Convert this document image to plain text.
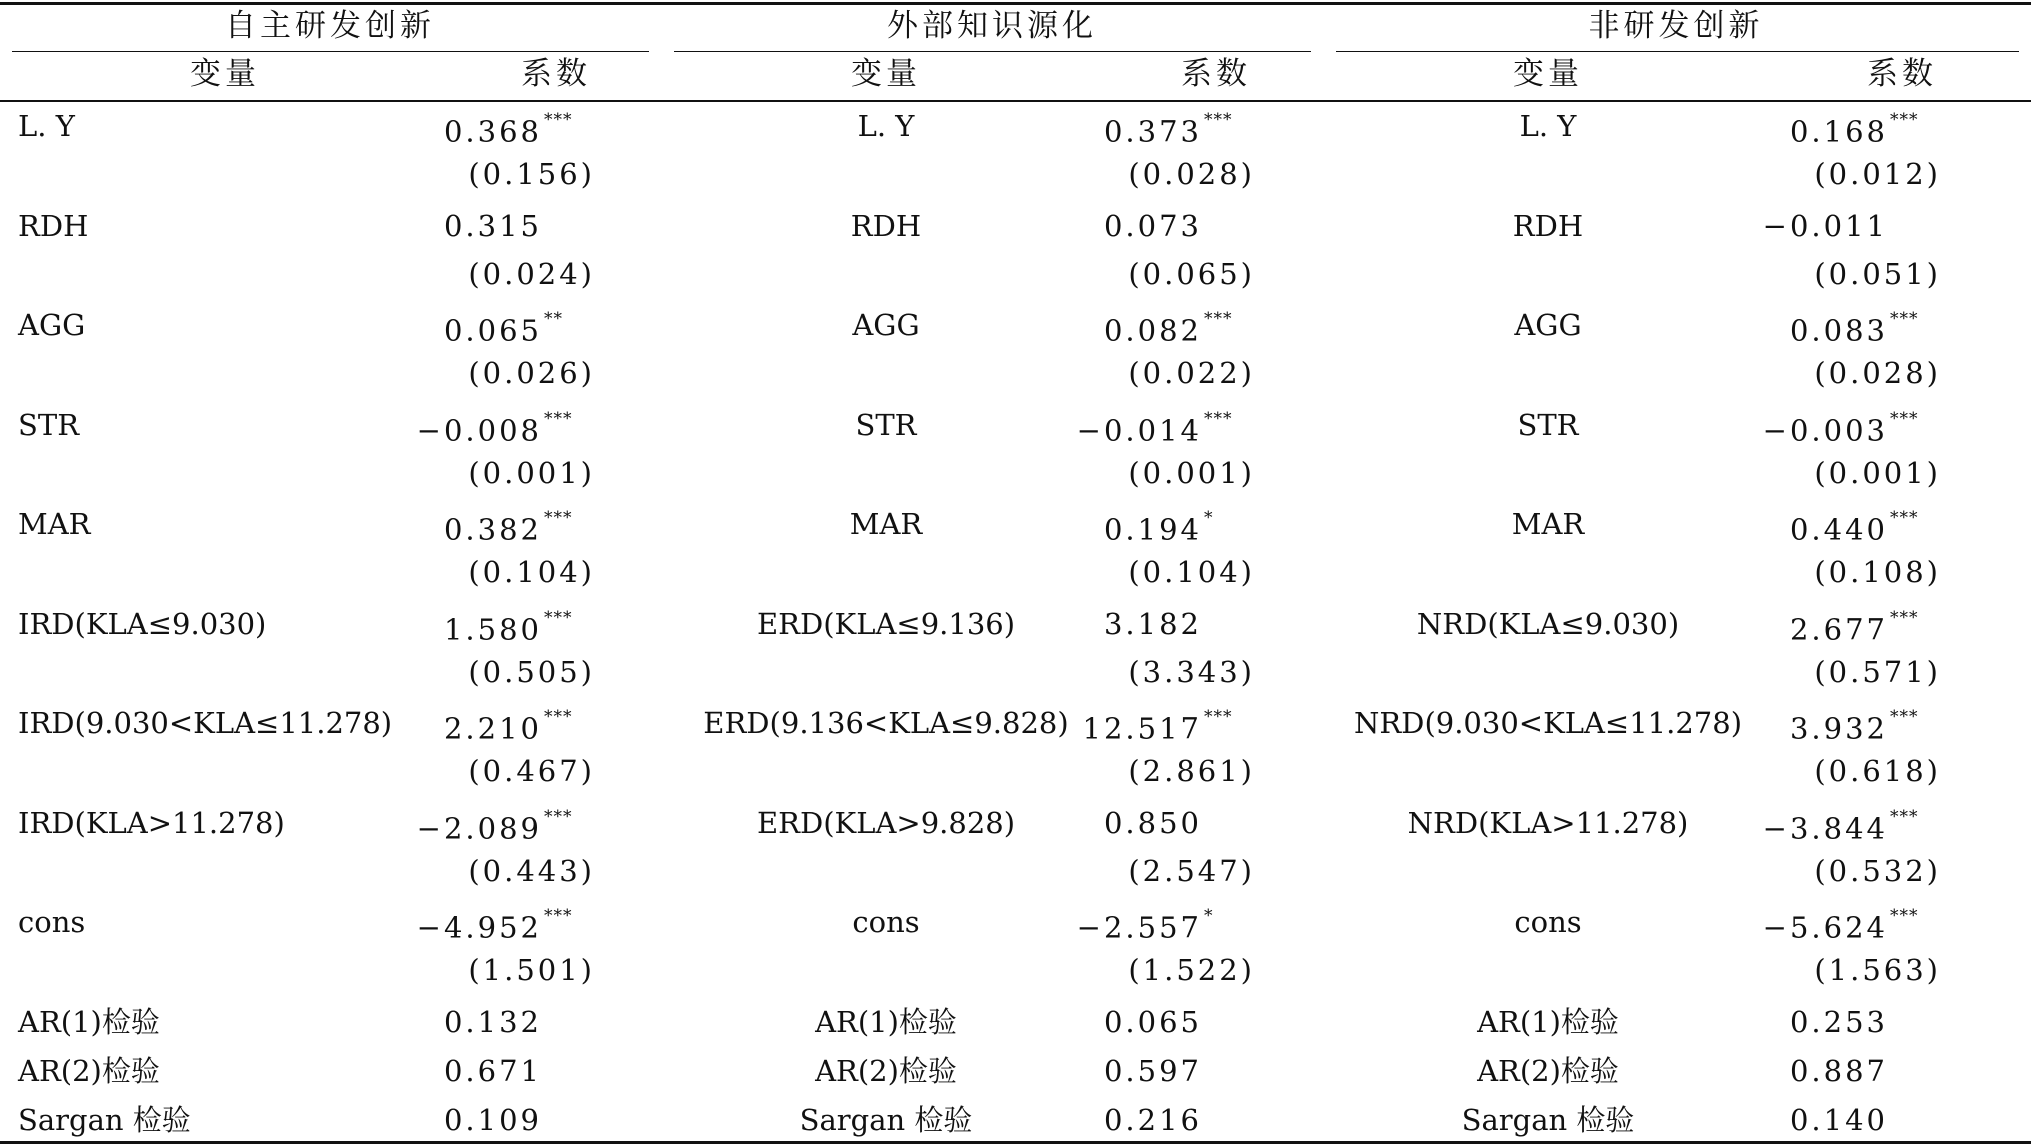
自主研发创新
变量	系数
L. Y	0.368 ***
(0.156)
RDH	0.315
(0.024)
AGG	0.065 **
(0.026)
STR	−0.008 ***
(0.001)
MAR	0.382 ***
(0.104)
IRD(KLA≤9.030)	1.580 ***
(0.505)
IRD(9.030<KLA≤11.278) 2.210 ***
(0.467)
IRD(KLA>11.278)	−2.089 ***
(0.443)
cons	−4.952 ***
(1.501)
AR(1)检验	0.132
AR(2)检验	0.671
Sargan 检验	0.109
外部知识源化
变量	系数
L. Y	0.373 ***
(0.028)
RDH	0.073
(0.065)
AGG	0.082 ***
(0.022)
STR	−0.014 ***
(0.001)
MAR	0.194 *
(0.104)
ERD(KLA≤9.136)	3.182
(3.343)
ERD(9.136<KLA≤9.828) 12.517 ***
(2.861)
ERD(KLA>9.828)	0.850
(2.547)
cons	−2.557 *
(1.522)
AR(1)检验	0.065
AR(2)检验	0.597
Sargan 检验	0.216
非研发创新
变量	系数
L. Y	0.168 ***
(0.012)
RDH	−0.011
(0.051)
AGG	0.083 ***
(0.028)
STR	−0.003 ***
(0.001)
MAR	0.440 ***
(0.108)
NRD(KLA≤9.030)	2.677 ***
(0.571)
NRD(9.030<KLA≤11.278) 3.932 ***
(0.618)
NRD(KLA>11.278)	−3.844 ***
(0.532)
cons	−5.624 ***
(1.563)
AR(1)检验	0.253
AR(2)检验	0.887
Sargan 检验	0.140
